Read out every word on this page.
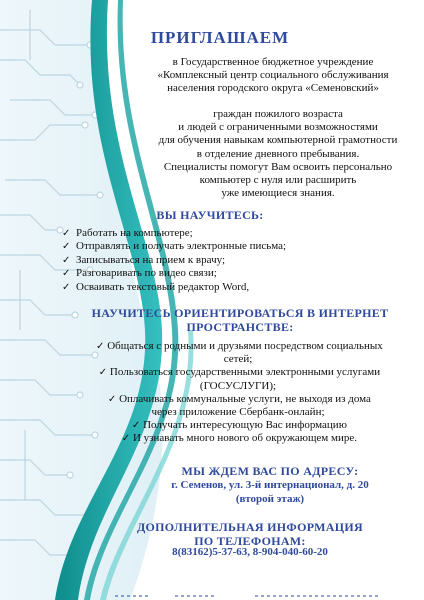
ПРИГЛАШАЕМ
в Государственное бюджетное учреждение
«Комплексный центр социального обслуживания
населения городского округа «Семеновский»
граждан пожилого возраста
и людей с ограниченными возможностями
для обучения навыкам компьютерной грамотности
в отделение дневного пребывания.
Специалисты помогут Вам освоить персонально
компьютер с нуля или расширить
уже имеющиеся знания.
ВЫ НАУЧИТЕСЬ:
✓ Работать на компьютере;
✓ Отправлять и получать электронные письма;
✓ Записываться на прием к врачу;
✓ Разговаривать по видео связи;
✓ Осваивать текстовый редактор Word,
НАУЧИТЕСЬ ОРИЕНТИРОВАТЬСЯ В ИНТЕРНЕТ
ПРОСТРАНСТВЕ:
✓ Общаться с родными и друзьями посредством социальных
сетей;
✓ Пользоваться государственными электронными услугами
(ГОСУСЛУГИ);
✓ Оплачивать коммунальные услуги, не выходя из дома
через приложение Сбербанк-онлайн;
✓ Получать интересующую Вас информацию
✓ И узнавать много нового об окружающем мире.
МЫ ЖДЕМ ВАС ПО АДРЕСУ:
г. Семенов, ул. 3-й интернационал, д. 20
(второй этаж)
ДОПОЛНИТЕЛЬНАЯ ИНФОРМАЦИЯ
ПО ТЕЛЕФОНАМ:
8(83162)5-37-63, 8-904-040-60-20
